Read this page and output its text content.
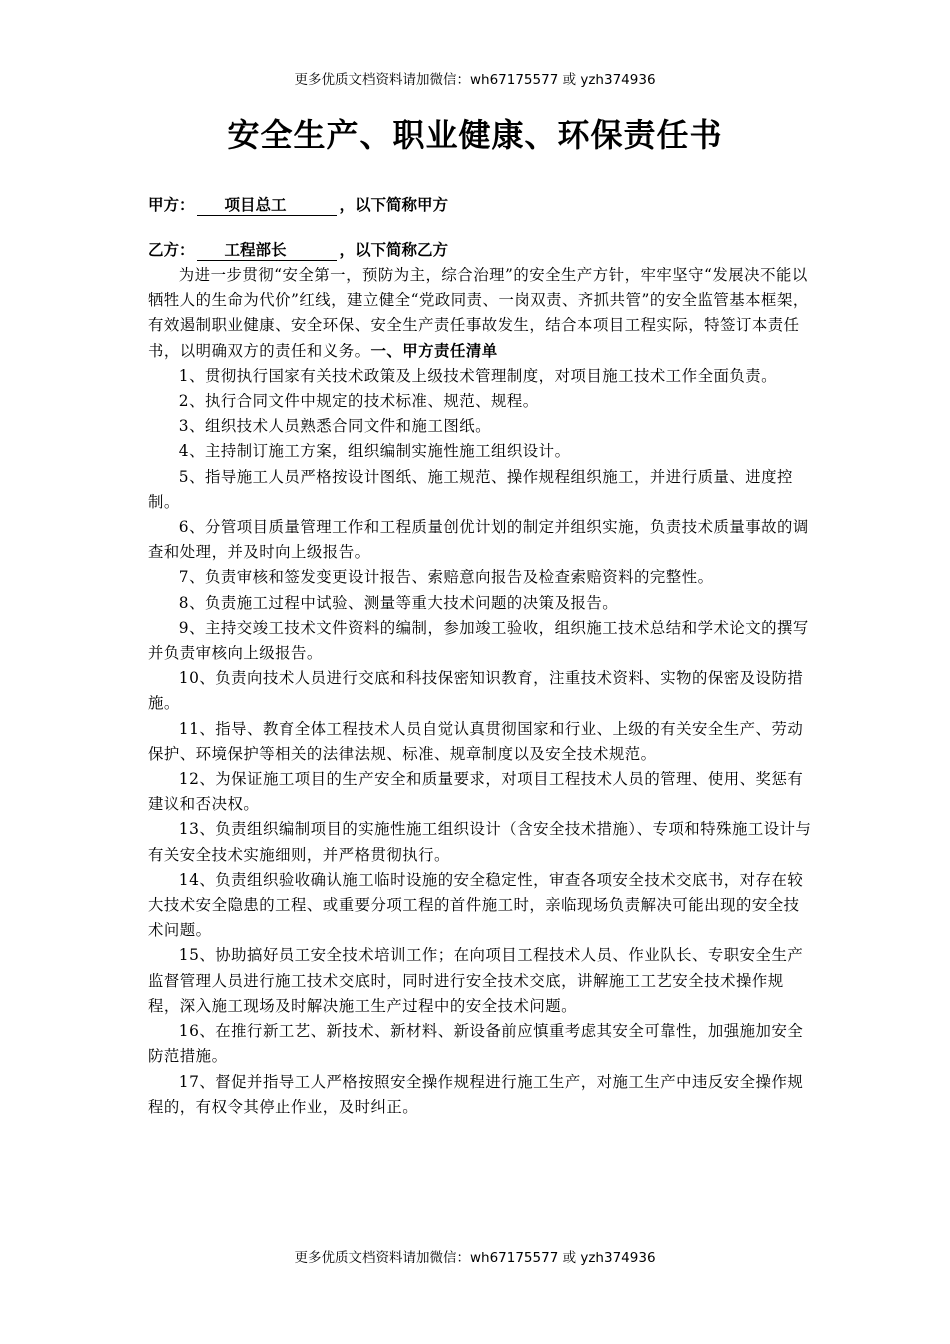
更多优质文档资料请加微信：wh67175577 或 yzh374936
安全生产、职业健康、环保责任书
甲方： 项目总工	，以下简称甲方
乙方： 工程部长	，以下简称乙方

为进一步贯彻“安全第一，预防为主，综合治理”的安全生产方针，牢牢坚守“发展决不能以牺牲人的生命为代价”红线，建立健全“党政同责、一岗双责、齐抓共管”的安全监管基本框架，有效遏制职业健康、安全环保、安全生产责任事故发生，结合本项目工程实际，特签订本责任书，以明确双方的责任和义务。一、甲方责任清单

1、贯彻执行国家有关技术政策及上级技术管理制度，对项目施工技术工作全面负责。

2、执行合同文件中规定的技术标准、规范、规程。

3、组织技术人员熟悉合同文件和施工图纸。

4、主持制订施工方案，组织编制实施性施工组织设计。

5、指导施工人员严格按设计图纸、施工规范、操作规程组织施工，并进行质量、进度控制。

6、分管项目质量管理工作和工程质量创优计划的制定并组织实施，负责技术质量事故的调查和处理，并及时向上级报告。

7、负责审核和签发变更设计报告、索赔意向报告及检查索赔资料的完整性。

8、负责施工过程中试验、测量等重大技术问题的决策及报告。

9、主持交竣工技术文件资料的编制，参加竣工验收，组织施工技术总结和学术论文的撰写并负责审核向上级报告。

10、负责向技术人员进行交底和科技保密知识教育，注重技术资料、实物的保密及设防措施。

11、指导、教育全体工程技术人员自觉认真贯彻国家和行业、上级的有关安全生产、劳动保护、环境保护等相关的法律法规、标准、规章制度以及安全技术规范。

12、为保证施工项目的生产安全和质量要求，对项目工程技术人员的管理、使用、奖惩有建议和否决权。

13、负责组织编制项目的实施性施工组织设计（含安全技术措施）、专项和特殊施工设计与有关安全技术实施细则，并严格贯彻执行。

14、负责组织验收确认施工临时设施的安全稳定性，审查各项安全技术交底书，对存在较大技术安全隐患的工程、或重要分项工程的首件施工时，亲临现场负责解决可能出现的安全技术问题。

15、协助搞好员工安全技术培训工作；在向项目工程技术人员、作业队长、专职安全生产监督管理人员进行施工技术交底时，同时进行安全技术交底，讲解施工工艺安全技术操作规程，深入施工现场及时解决施工生产过程中的安全技术问题。

16、在推行新工艺、新技术、新材料、新设备前应慎重考虑其安全可靠性，加强施加安全防范措施。

17、督促并指导工人严格按照安全操作规程进行施工生产，对施工生产中违反安全操作规程的，有权令其停止作业，及时纠正。

更多优质文档资料请加微信：wh67175577 或 yzh374936
